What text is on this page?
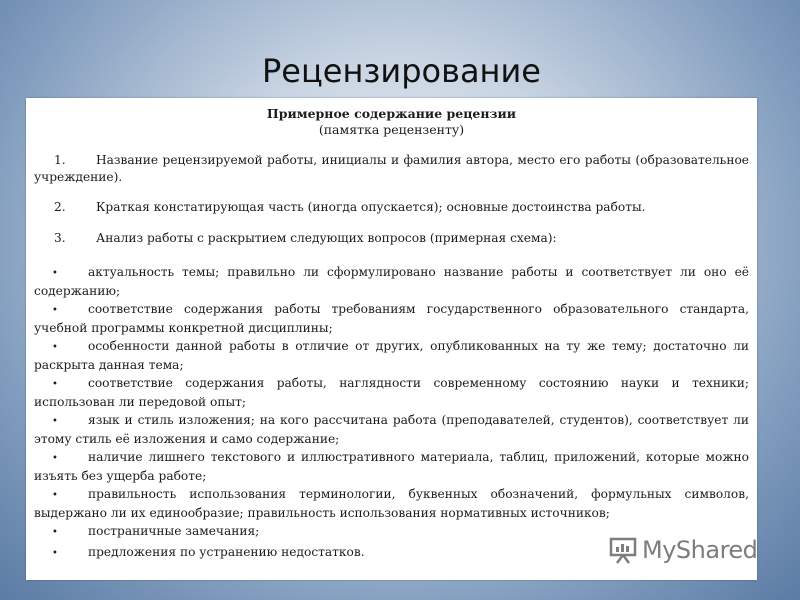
Рецензирование
Примерное содержание рецензии
(памятка рецензенту)
1. Название рецензируемой работы, инициалы и фамилия автора, место его работы (образовательное учреждение).
2. Краткая констатирующая часть (иногда опускается); основные достоинства работы.
3. Анализ работы с раскрытием следующих вопросов (примерная схема):
• актуальность темы; правильно ли сформулировано название работы и соответствует ли оно её содержанию;
• соответствие содержания работы требованиям государственного образовательного стандарта, учебной программы конкретной дисциплины;
• особенности данной работы в отличие от других, опубликованных на ту же тему; достаточно ли раскрыта данная тема;
• соответствие содержания работы, наглядности современному состоянию науки и техники; использован ли передовой опыт;
• язык и стиль изложения; на кого рассчитана работа (преподавателей, студентов), соответствует ли этому стиль её изложения и само содержание;
• наличие лишнего текстового и иллюстративного материала, таблиц, приложений, которые можно изъять без ущерба работе;
• правильность использования терминологии, буквенных обозначений, формульных символов, выдержано ли их единообразие; правильность использования нормативных источников;
• постраничные замечания;
• предложения по устранению недостатков.	MyShared
